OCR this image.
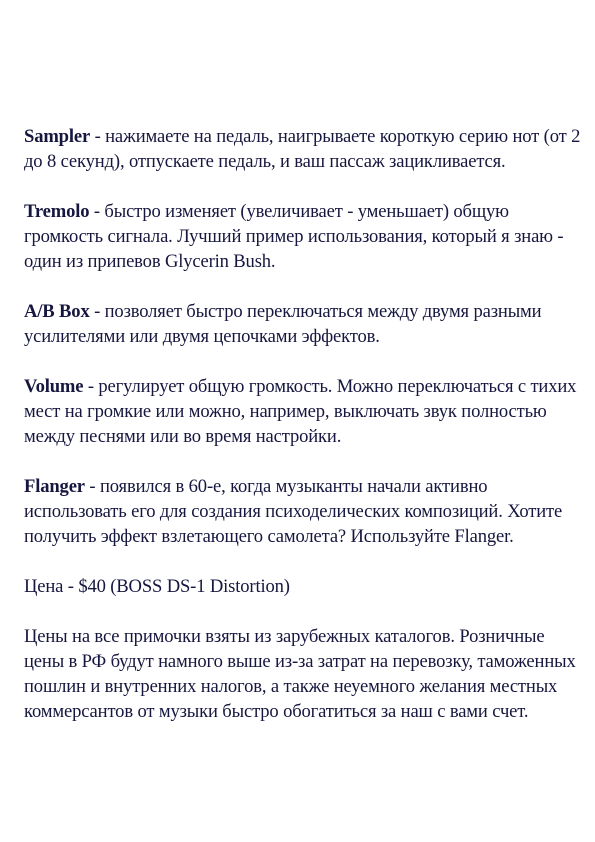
Sampler - нажимаете на педаль, наигрываете короткую серию нот (от 2 до 8 секунд), отпускаете педаль, и ваш пассаж зацикливается.

Tremolo - быстро изменяет (увеличивает - уменьшает) общую громкость сигнала. Лучший пример использования, который я знаю - один из припевов Glycerin Bush.

A/B Box - позволяет быстро переключаться между двумя разными усилителями или двумя цепочками эффектов.

Volume - регулирует общую громкость. Можно переключаться с тихих мест на громкие или можно, например, выключать звук полностью между песнями или во время настройки.

Flanger - появился в 60-е, когда музыканты начали активно использовать его для создания психоделических композиций. Хотите получить эффект взлетающего самолета? Используйте Flanger.

Цена - $40 (BOSS DS-1 Distortion)

Цены на все примочки взяты из зарубежных каталогов. Розничные цены в РФ будут намного выше из-за затрат на перевозку, таможенных пошлин и внутренних налогов, а также неуемного желания местных коммерсантов от музыки быстро обогатиться за наш с вами счет.
